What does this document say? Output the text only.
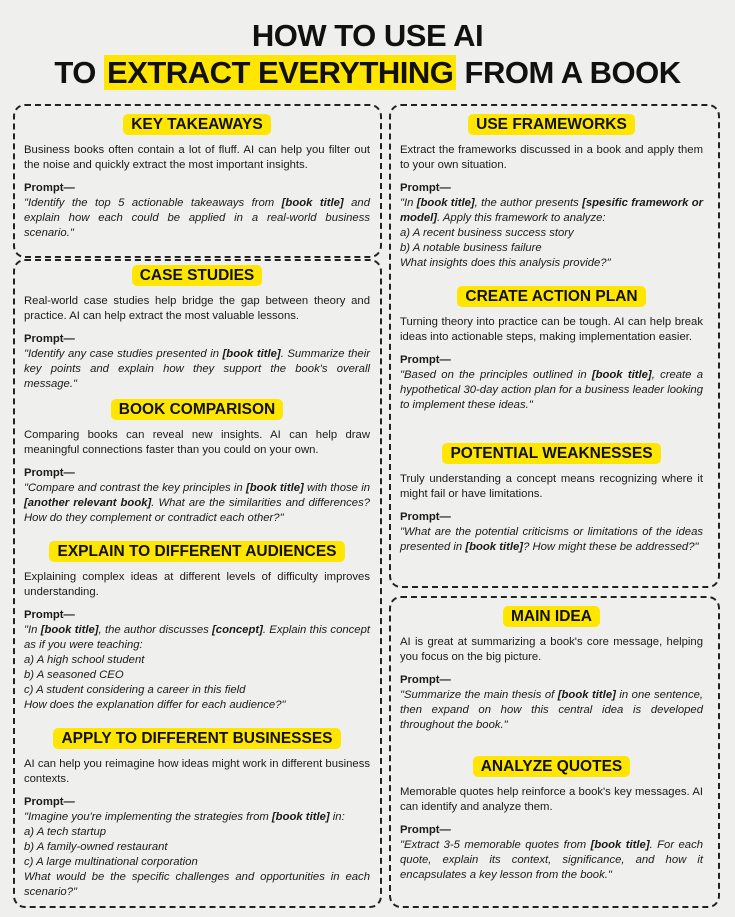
HOW TO USE AI
TO EXTRACT EVERYTHING FROM A BOOK
KEY TAKEAWAYS

Business books often contain a lot of fluff. AI can help you filter out the noise and quickly extract the most important insights.

Prompt—

"Identify the top 5 actionable takeaways from [book title] and explain how each could be applied in a real-world business scenario."

CASE STUDIES

Real-world case studies help bridge the gap between theory and practice. AI can help extract the most valuable lessons.

Prompt—

"Identify any case studies presented in [book title]. Summarize their key points and explain how they support the book's overall message."

BOOK COMPARISON

Comparing books can reveal new insights. AI can help draw meaningful connections faster than you could on your own.

Prompt—

"Compare and contrast the key principles in [book title] with those in [another relevant book]. What are the similarities and differences? How do they complement or contradict each other?"

EXPLAIN TO DIFFERENT AUDIENCES

Explaining complex ideas at different levels of difficulty improves understanding.

Prompt—

"In [book title], the author discusses [concept]. Explain this concept as if you were teaching:

a) A high school student

b) A seasoned CEO

c) A student considering a career in this field

How does the explanation differ for each audience?"

APPLY TO DIFFERENT BUSINESSES

AI can help you reimagine how ideas might work in different business contexts.

Prompt—

"Imagine you're implementing the strategies from [book title] in:

a) A tech startup

b) A family-owned restaurant

c) A large multinational corporation

What would be the specific challenges and opportunities in each scenario?"

USE FRAMEWORKS

Extract the frameworks discussed in a book and apply them to your own situation.

Prompt—

"In [book title], the author presents [spesific framework or model]. Apply this framework to analyze:

a) A recent business success story

b) A notable business failure

What insights does this analysis provide?"

CREATE ACTION PLAN

Turning theory into practice can be tough. AI can help break ideas into actionable steps, making implementation easier.

Prompt—

"Based on the principles outlined in [book title], create a hypothetical 30-day action plan for a business leader looking to implement these ideas."

POTENTIAL WEAKNESSES

Truly understanding a concept means recognizing where it might fail or have limitations.

Prompt—

"What are the potential criticisms or limitations of the ideas presented in [book title]? How might these be addressed?"

MAIN IDEA

AI is great at summarizing a book's core message, helping you focus on the big picture.

Prompt—

"Summarize the main thesis of [book title] in one sentence, then expand on how this central idea is developed throughout the book."

ANALYZE QUOTES

Memorable quotes help reinforce a book's key messages. AI can identify and analyze them.

Prompt—

"Extract 3-5 memorable quotes from [book title]. For each quote, explain its context, significance, and how it encapsulates a key lesson from the book."
